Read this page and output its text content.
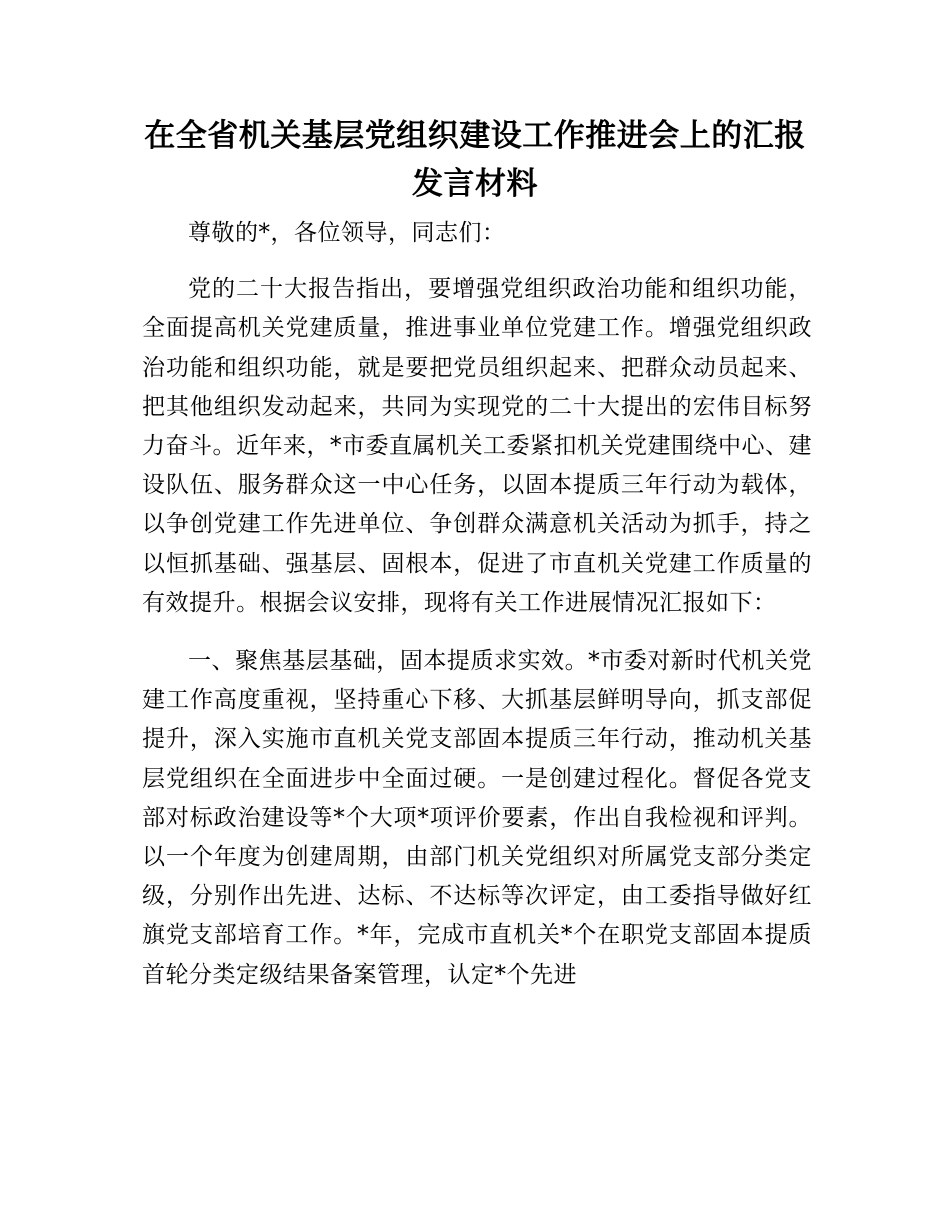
在全省机关基层党组织建设工作推进会上的汇报发言材料

尊敬的*，各位领导，同志们：

党的二十大报告指出，要增强党组织政治功能和组织功能，全面提高机关党建质量，推进事业单位党建工作。增强党组织政治功能和组织功能，就是要把党员组织起来、把群众动员起来、把其他组织发动起来，共同为实现党的二十大提出的宏伟目标努力奋斗。近年来，*市委直属机关工委紧扣机关党建围绕中心、建设队伍、服务群众这一中心任务，以固本提质三年行动为载体，以争创党建工作先进单位、争创群众满意机关活动为抓手，持之以恒抓基础、强基层、固根本，促进了市直机关党建工作质量的有效提升。根据会议安排，现将有关工作进展情况汇报如下：

一、聚焦基层基础，固本提质求实效。*市委对新时代机关党建工作高度重视，坚持重心下移、大抓基层鲜明导向，抓支部促提升，深入实施市直机关党支部固本提质三年行动，推动机关基层党组织在全面进步中全面过硬。一是创建过程化。督促各党支部对标政治建设等*个大项*项评价要素，作出自我检视和评判。以一个年度为创建周期，由部门机关党组织对所属党支部分类定级，分别作出先进、达标、不达标等次评定，由工委指导做好红旗党支部培育工作。*年，完成市直机关*个在职党支部固本提质首轮分类定级结果备案管理，认定*个先进
